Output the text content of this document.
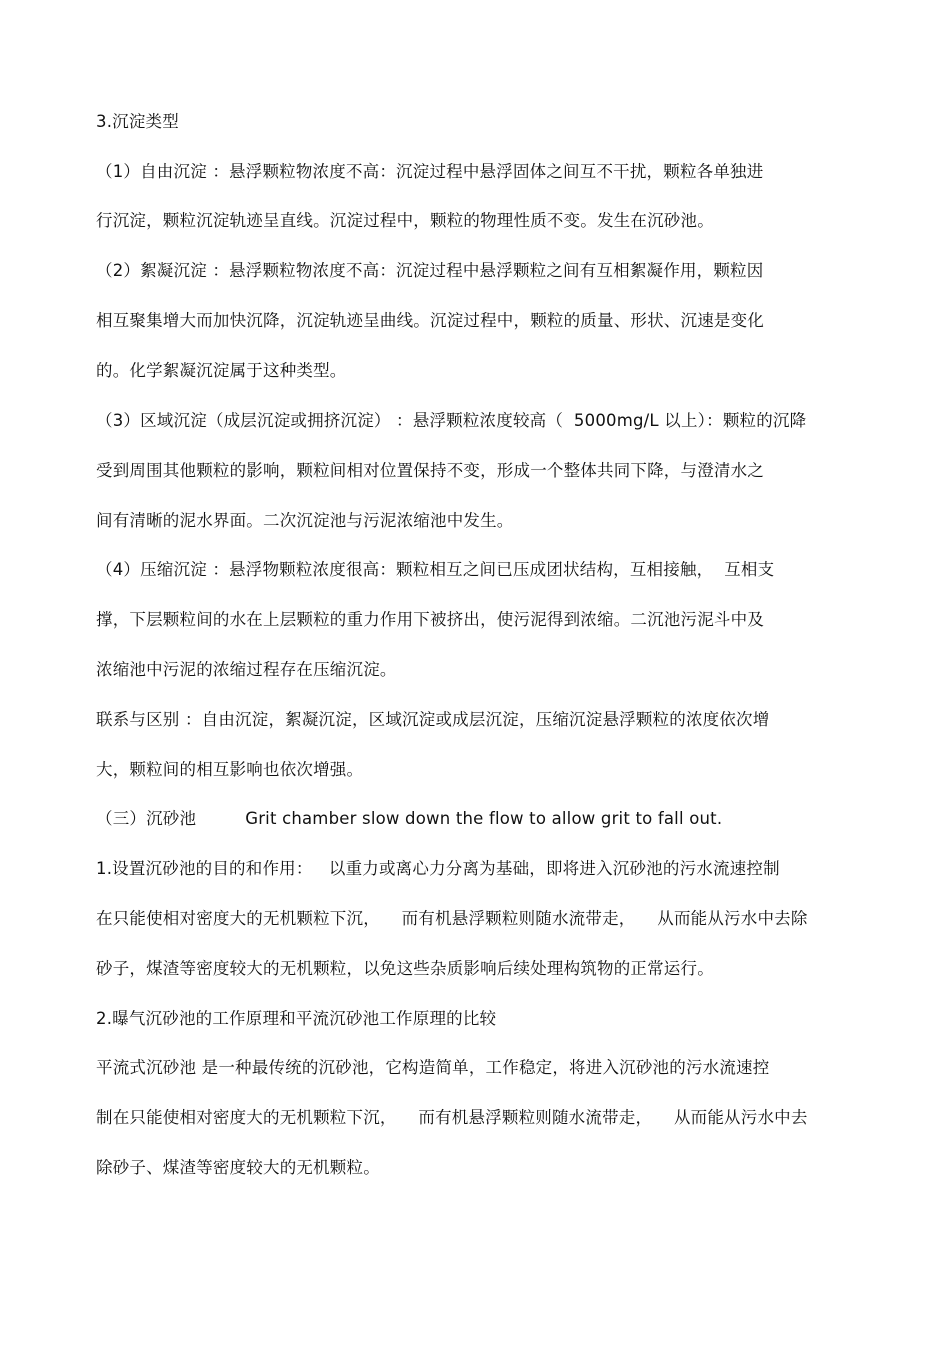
3.沉淀类型
（1）自由沉淀 ：悬浮颗粒物浓度不高：沉淀过程中悬浮固体之间互不干扰，颗粒各单独进
行沉淀，颗粒沉淀轨迹呈直线。沉淀过程中，颗粒的物理性质不变。发生在沉砂池。
（2）絮凝沉淀 ：悬浮颗粒物浓度不高：沉淀过程中悬浮颗粒之间有互相絮凝作用，颗粒因
相互聚集增大而加快沉降，沉淀轨迹呈曲线。沉淀过程中，颗粒的质量、形状、沉速是变化
的。化学絮凝沉淀属于这种类型。
（3）区域沉淀（成层沉淀或拥挤沉淀） ：悬浮颗粒浓度较高（  5000mg/L 以上）：颗粒的沉降
受到周围其他颗粒的影响，颗粒间相对位置保持不变，形成一个整体共同下降，与澄清水之
间有清晰的泥水界面。二次沉淀池与污泥浓缩池中发生。
（4）压缩沉淀 ：悬浮物颗粒浓度很高：颗粒相互之间已压成团状结构，互相接触，  互相支
撑，下层颗粒间的水在上层颗粒的重力作用下被挤出，使污泥得到浓缩。二沉池污泥斗中及
浓缩池中污泥的浓缩过程存在压缩沉淀。
联系与区别 ：自由沉淀，絮凝沉淀，区域沉淀或成层沉淀，压缩沉淀悬浮颗粒的浓度依次增
大，颗粒间的相互影响也依次增强。
（三）沉砂池         Grit chamber slow down the flow to allow grit to fall out.
1.设置沉砂池的目的和作用：   以重力或离心力分离为基础，即将进入沉砂池的污水流速控制
在只能使相对密度大的无机颗粒下沉，    而有机悬浮颗粒则随水流带走，    从而能从污水中去除
砂子，煤渣等密度较大的无机颗粒，以免这些杂质影响后续处理构筑物的正常运行。
2.曝气沉砂池的工作原理和平流沉砂池工作原理的比较
平流式沉砂池 是一种最传统的沉砂池，它构造简单，工作稳定，将进入沉砂池的污水流速控
制在只能使相对密度大的无机颗粒下沉，    而有机悬浮颗粒则随水流带走，    从而能从污水中去
除砂子、煤渣等密度较大的无机颗粒。
